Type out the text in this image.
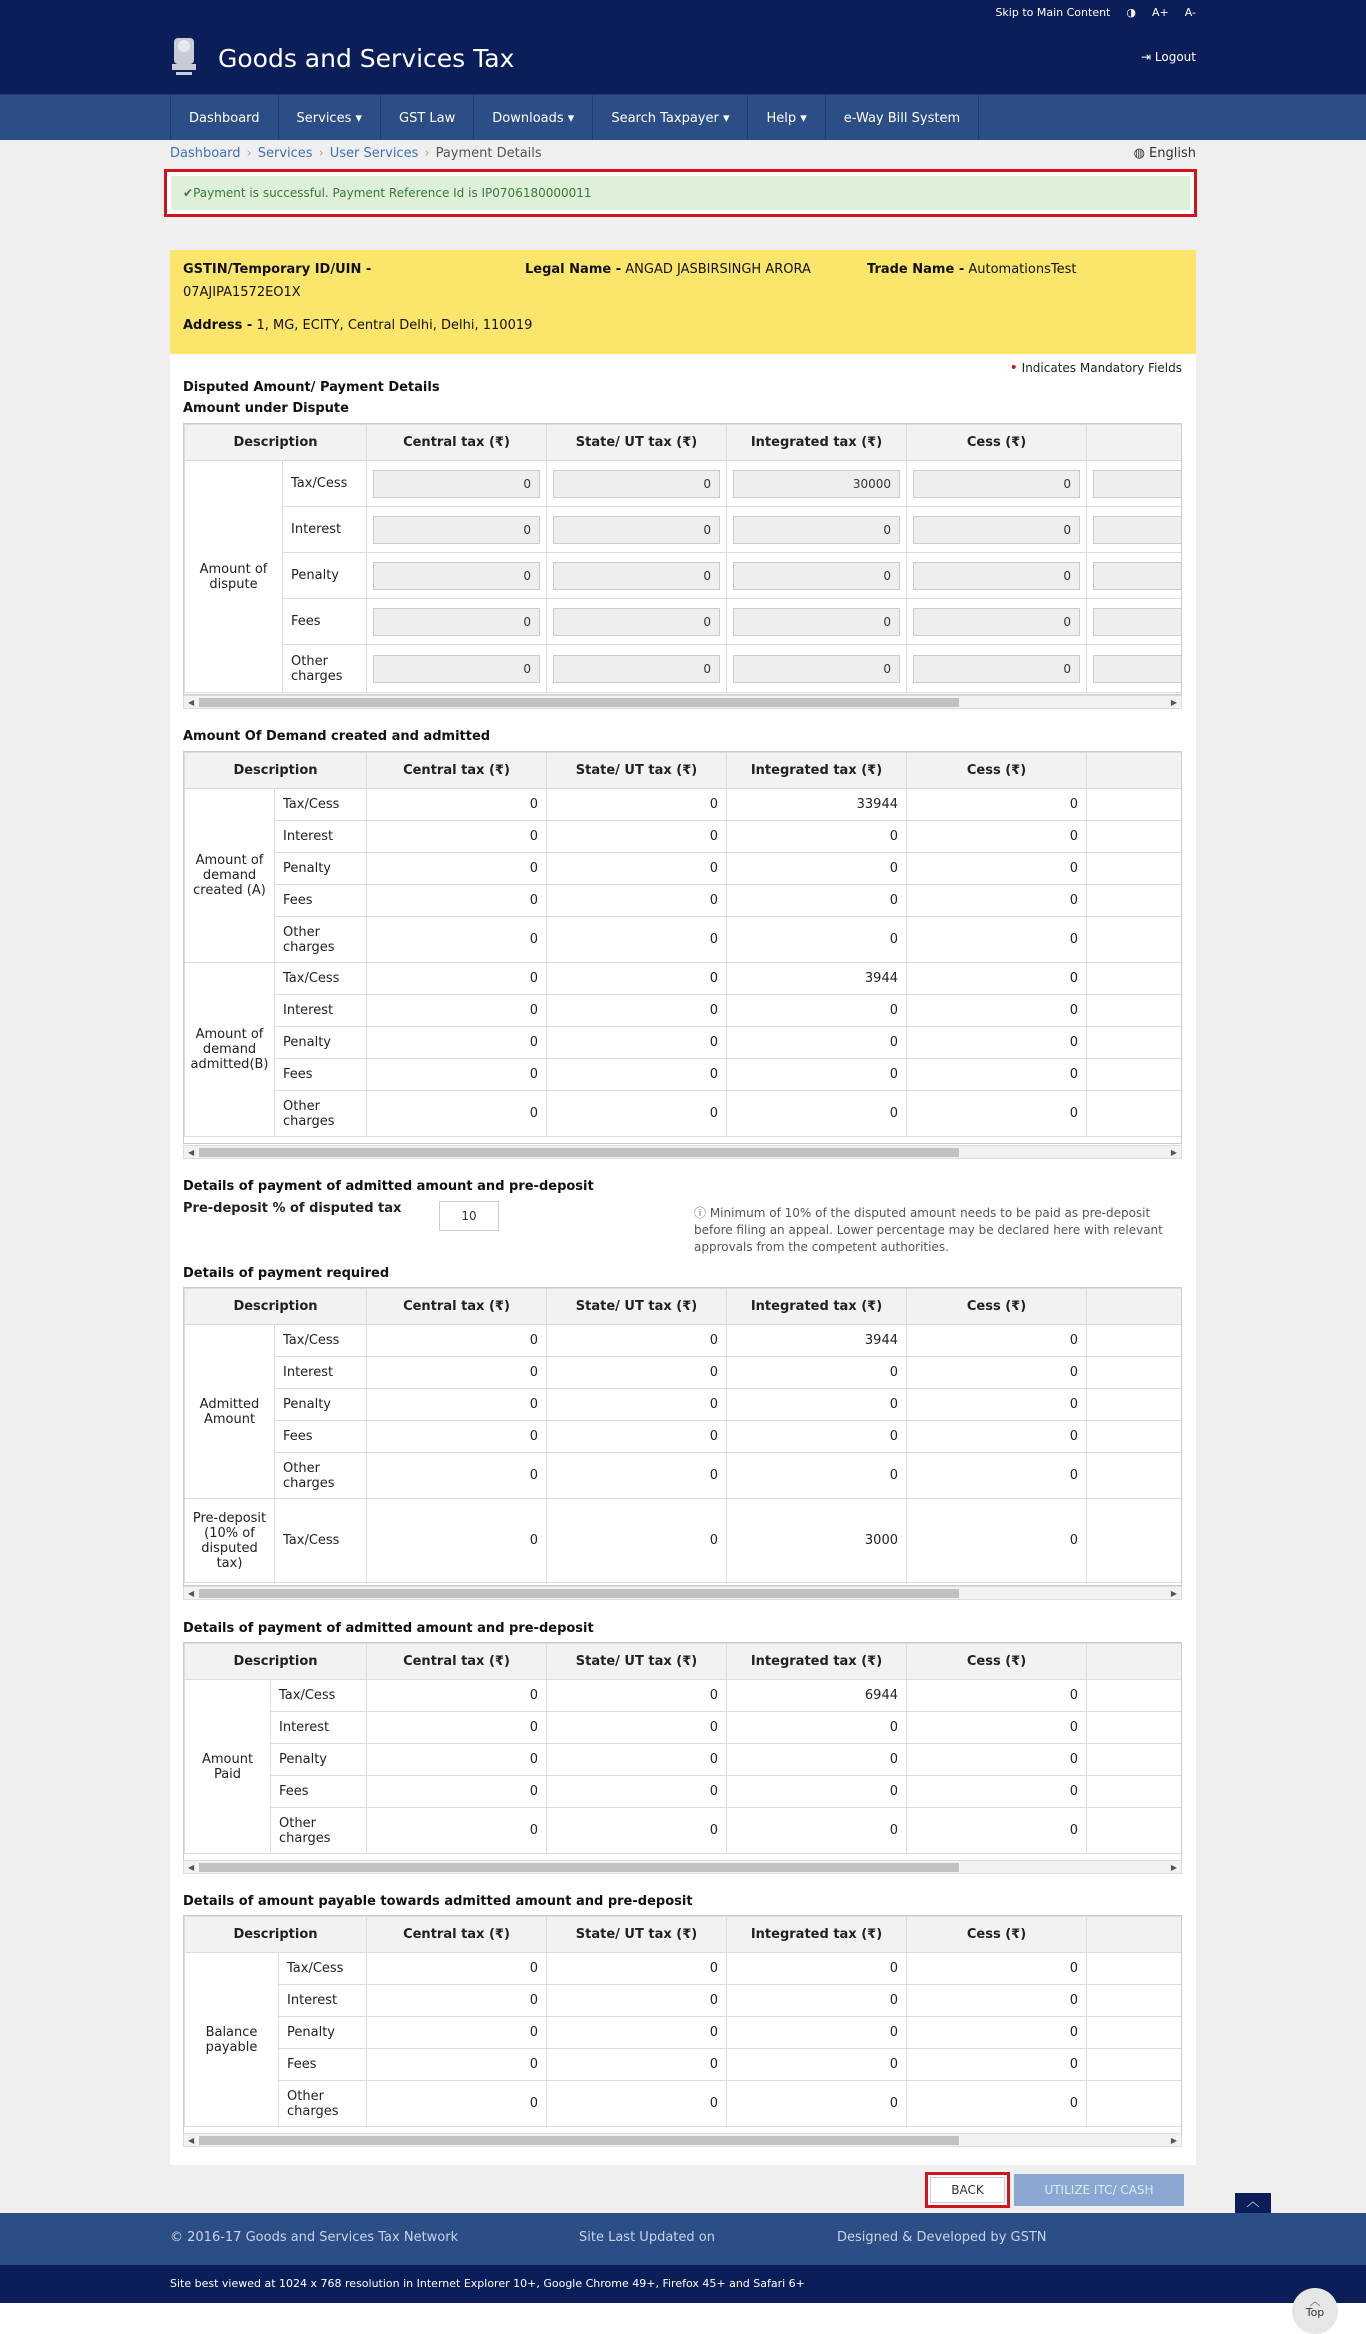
Skip to Main Content ◑ A+ A-
Goods and Services Tax	⇥ Logout
Dashboard	Services ▾	GST Law	Downloads ▾	Search Taxpayer ▾	Help ▾	e-Way Bill System
Dashboard › Services › User Services › Payment Details	◍ English
✔ Payment is successful. Payment Reference Id is IP0706180000011
GSTIN/Temporary ID/UIN -
07AJIPA1572EO1X
Legal Name - ANGAD JASBIRSINGH ARORA	Trade Name - AutomationsTest
Address - 1, MG, ECITY, Central Delhi, Delhi, 110019
• Indicates Mandatory Fields
Disputed Amount/ Payment Details
Amount under Dispute
Description		Central tax (₹)	State/ UT tax (₹)	Integrated tax (₹)	Cess (₹)	
Amount of dispute	Tax/Cess	0	0	30000	0	

	Interest	0	0	0	0	

	Penalty	0	0	0	0	

	Fees	0	0	0	0	

	Other charges	0	0	0	0	

◀	▶
Amount Of Demand created and admitted
Description		Central tax (₹)	State/ UT tax (₹)	Integrated tax (₹)	Cess (₹)	
Amount of demand created (A)	Tax/Cess	0	0	33944	0	
	Interest	0	0	0	0	
	Penalty	0	0	0	0	
	Fees	0	0	0	0	
	Other charges	0	0	0	0	
Amount of demand admitted(B)	Tax/Cess	0	0	3944	0	
	Interest	0	0	0	0	
	Penalty	0	0	0	0	
	Fees	0	0	0	0	
	Other charges	0	0	0	0	
◀	▶
Details of payment of admitted amount and pre-deposit
Pre-deposit % of disputed tax	10	ⓘ Minimum of 10% of the disputed amount needs to be paid as pre-deposit before filing an appeal. Lower percentage may be declared here with relevant approvals from the competent authorities.
Details of payment required
Description		Central tax (₹)	State/ UT tax (₹)	Integrated tax (₹)	Cess (₹)	
Admitted Amount	Tax/Cess	0	0	3944	0	
	Interest	0	0	0	0	
	Penalty	0	0	0	0	
	Fees	0	0	0	0	
	Other charges	0	0	0	0	
Pre-deposit (10% of disputed tax)	Tax/Cess	0	0	3000	0	
◀	▶
Details of payment of admitted amount and pre-deposit
Description		Central tax (₹)	State/ UT tax (₹)	Integrated tax (₹)	Cess (₹)	
Amount Paid	Tax/Cess	0	0	6944	0	
	Interest	0	0	0	0	
	Penalty	0	0	0	0	
	Fees	0	0	0	0	
	Other charges	0	0	0	0	
◀	▶
Details of amount payable towards admitted amount and pre-deposit
Description		Central tax (₹)	State/ UT tax (₹)	Integrated tax (₹)	Cess (₹)	
Balance payable	Tax/Cess	0	0	0	0	
	Interest	0	0	0	0	
	Penalty	0	0	0	0	
	Fees	0	0	0	0	
	Other charges	0	0	0	0	
◀	▶
BACK	UTILIZE ITC/ CASH
︿
© 2016-17 Goods and Services Tax Network	Site Last Updated on	Designed & Developed by GSTN
Site best viewed at 1024 x 768 resolution in Internet Explorer 10+, Google Chrome 49+, Firefox 45+ and Safari 6+
︿
Top
